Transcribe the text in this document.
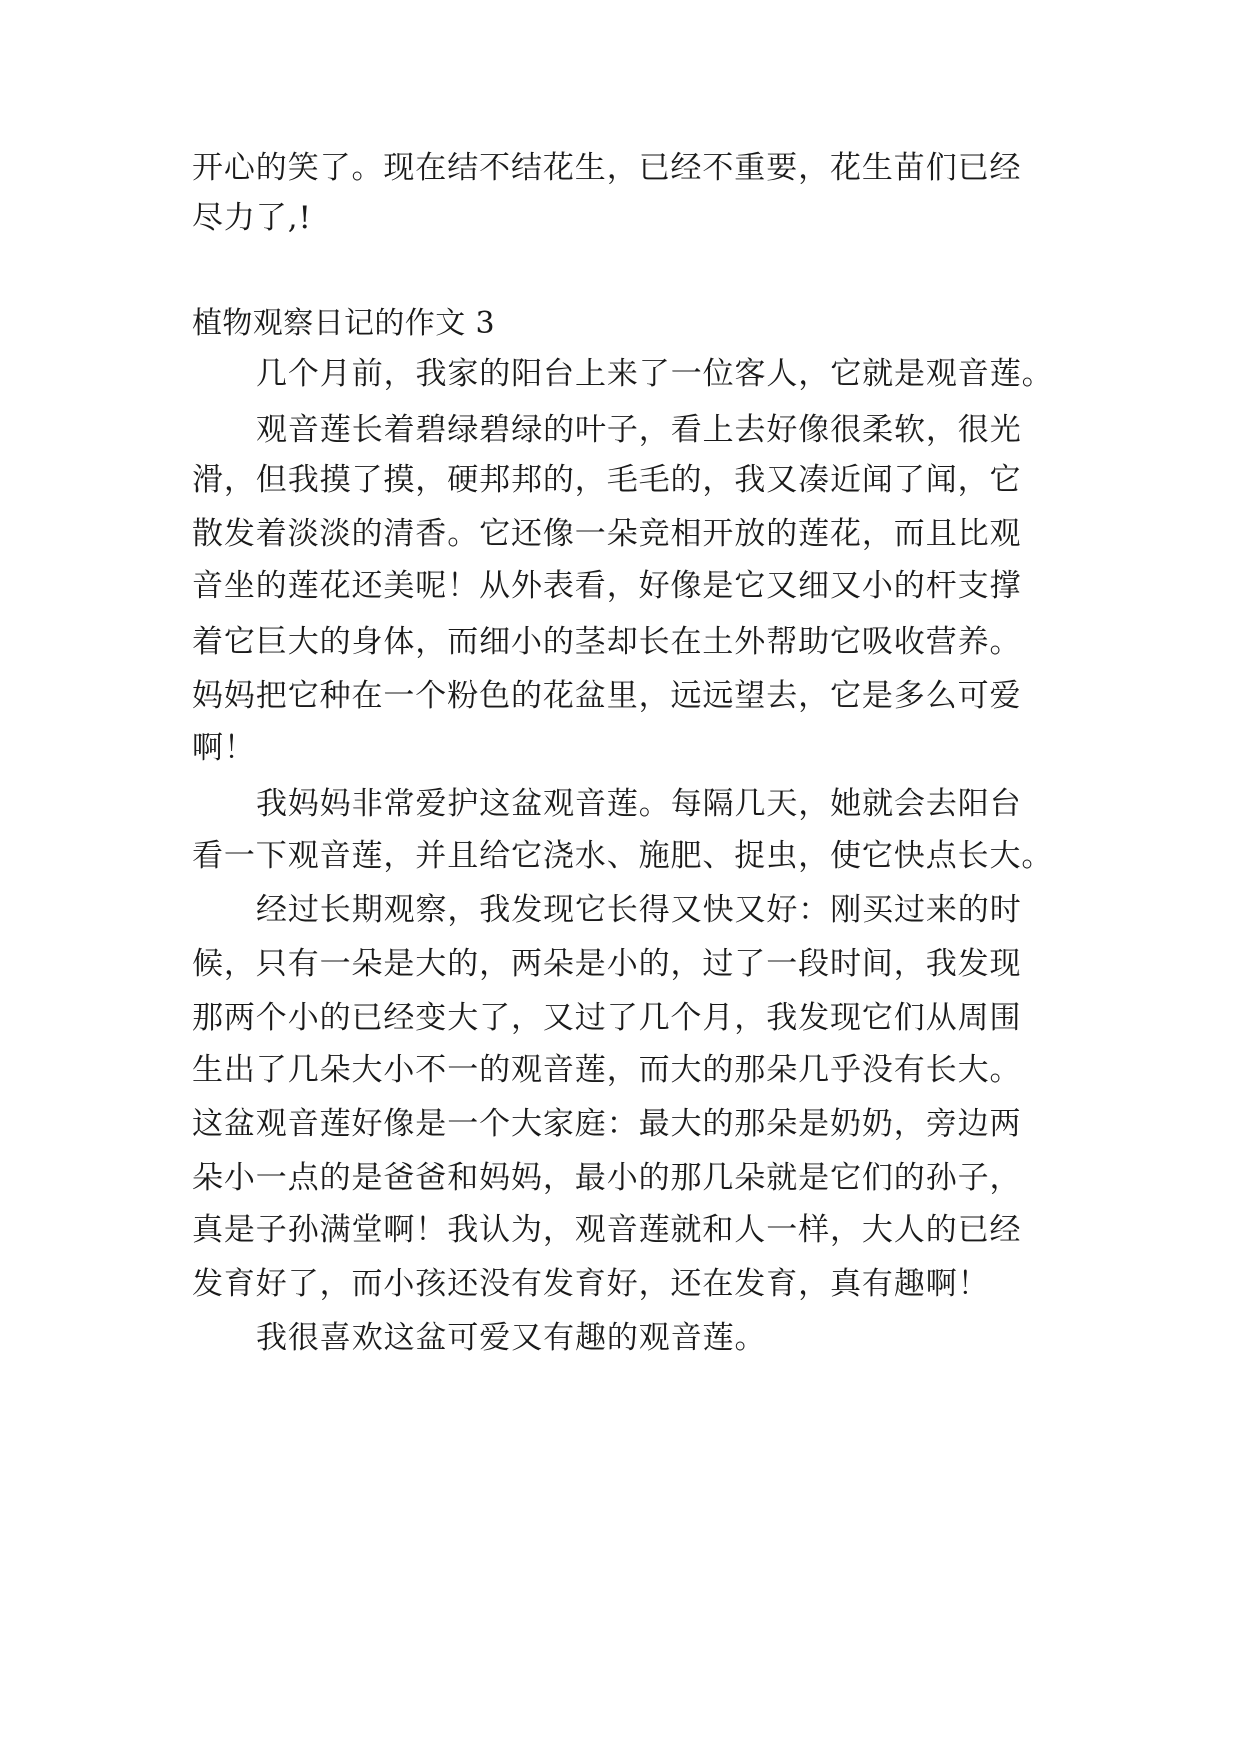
开心的笑了。现在结不结花生，已经不重要，花生苗们已经
尽力了,!
植物观察日记的作文 3
几个月前，我家的阳台上来了一位客人，它就是观音莲。
观音莲长着碧绿碧绿的叶子，看上去好像很柔软，很光
滑，但我摸了摸，硬邦邦的，毛毛的，我又凑近闻了闻，它
散发着淡淡的清香。它还像一朵竞相开放的莲花，而且比观
音坐的莲花还美呢！从外表看，好像是它又细又小的杆支撑
着它巨大的身体，而细小的茎却长在土外帮助它吸收营养。
妈妈把它种在一个粉色的花盆里，远远望去，它是多么可爱
啊！
我妈妈非常爱护这盆观音莲。每隔几天，她就会去阳台
看一下观音莲，并且给它浇水、施肥、捉虫，使它快点长大。
经过长期观察，我发现它长得又快又好：刚买过来的时
候，只有一朵是大的，两朵是小的，过了一段时间，我发现
那两个小的已经变大了，又过了几个月，我发现它们从周围
生出了几朵大小不一的观音莲，而大的那朵几乎没有长大。
这盆观音莲好像是一个大家庭：最大的那朵是奶奶，旁边两
朵小一点的是爸爸和妈妈，最小的那几朵就是它们的孙子，
真是子孙满堂啊！我认为，观音莲就和人一样，大人的已经
发育好了，而小孩还没有发育好，还在发育，真有趣啊！
我很喜欢这盆可爱又有趣的观音莲。
